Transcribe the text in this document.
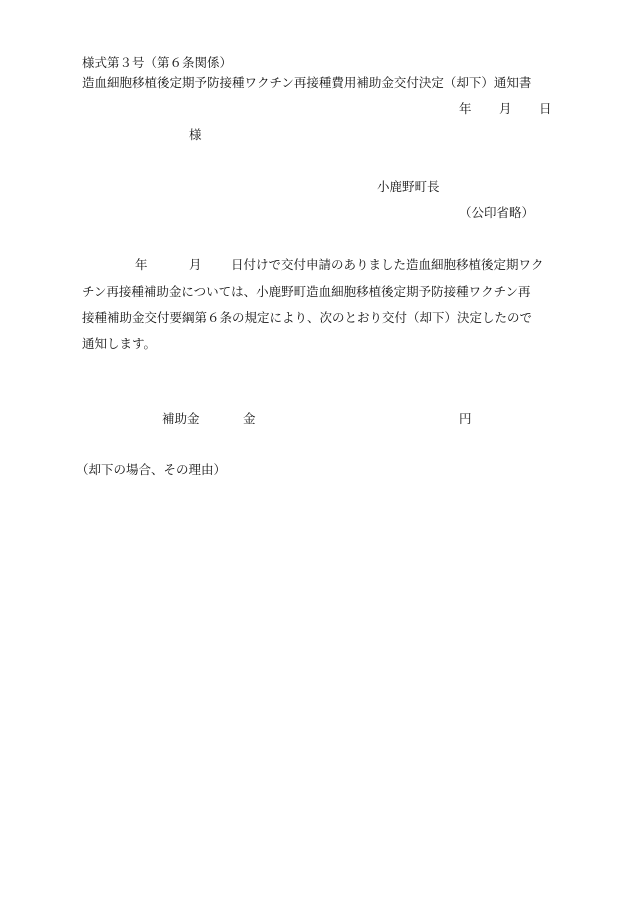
様式第３号（第６条関係）
造血細胞移植後定期予防接種ワクチン再接種費用補助金交付決定（却下）通知書
年 月 日
様
小鹿野町長
（公印省略）
年	月 日付けで交付申請のありました造血細胞移植後定期ワク
チン再接種補助金については、小鹿野町造血細胞移植後定期予防接種ワクチン再
接種補助金交付要綱第６条の規定により、次のとおり交付（却下）決定したので
通知します。
補助金	金	円
（却下の場合、その理由）
